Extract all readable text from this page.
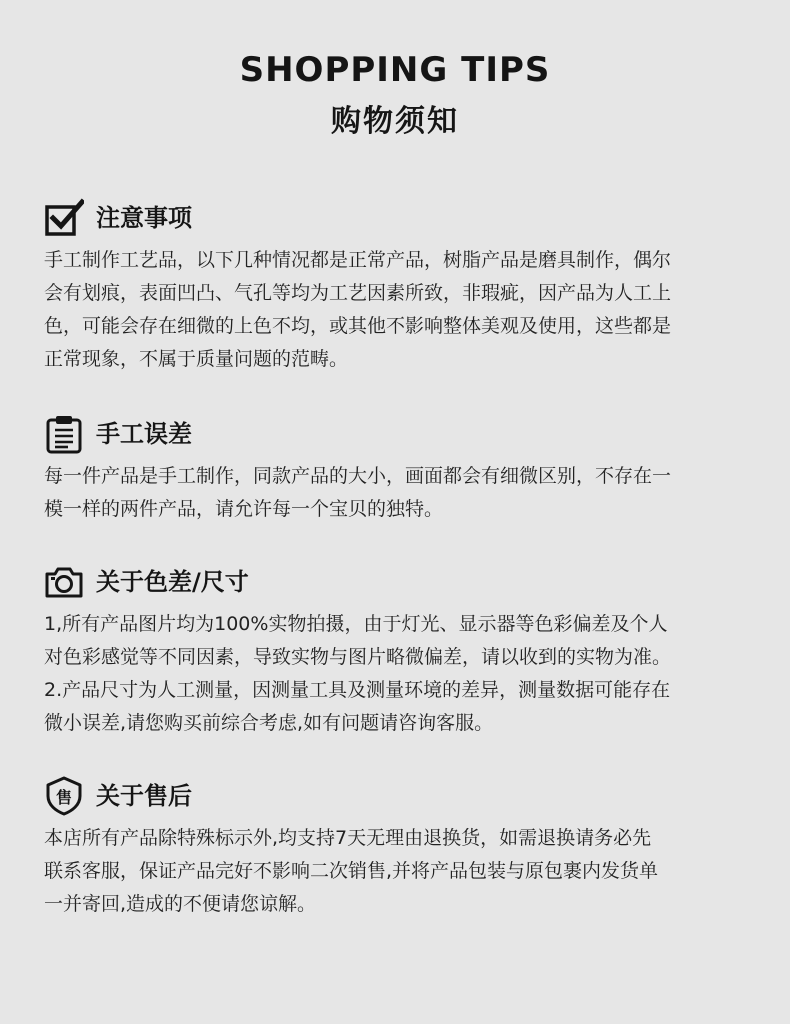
SHOPPING TIPS
购物须知
注意事项
手工制作工艺品，以下几种情况都是正常产品，树脂产品是磨具制作，偶尔
会有划痕，表面凹凸、气孔等均为工艺因素所致，非瑕疵，因产品为人工上
色，可能会存在细微的上色不均，或其他不影响整体美观及使用，这些都是
正常现象，不属于质量问题的范畴。
手工误差
每一件产品是手工制作，同款产品的大小，画面都会有细微区别，不存在一
模一样的两件产品，请允许每一个宝贝的独特。
关于色差/尺寸
1,所有产品图片均为100%实物拍摄，由于灯光、显示器等色彩偏差及个人
对色彩感觉等不同因素，导致实物与图片略微偏差，请以收到的实物为准。
2.产品尺寸为人工测量，因测量工具及测量环境的差异，测量数据可能存在
微小误差,请您购买前综合考虑,如有问题请咨询客服。
售 关于售后
本店所有产品除特殊标示外,均支持7天无理由退换货，如需退换请务必先
联系客服，保证产品完好不影响二次销售,并将产品包装与原包裹内发货单
一并寄回,造成的不便请您谅解。
